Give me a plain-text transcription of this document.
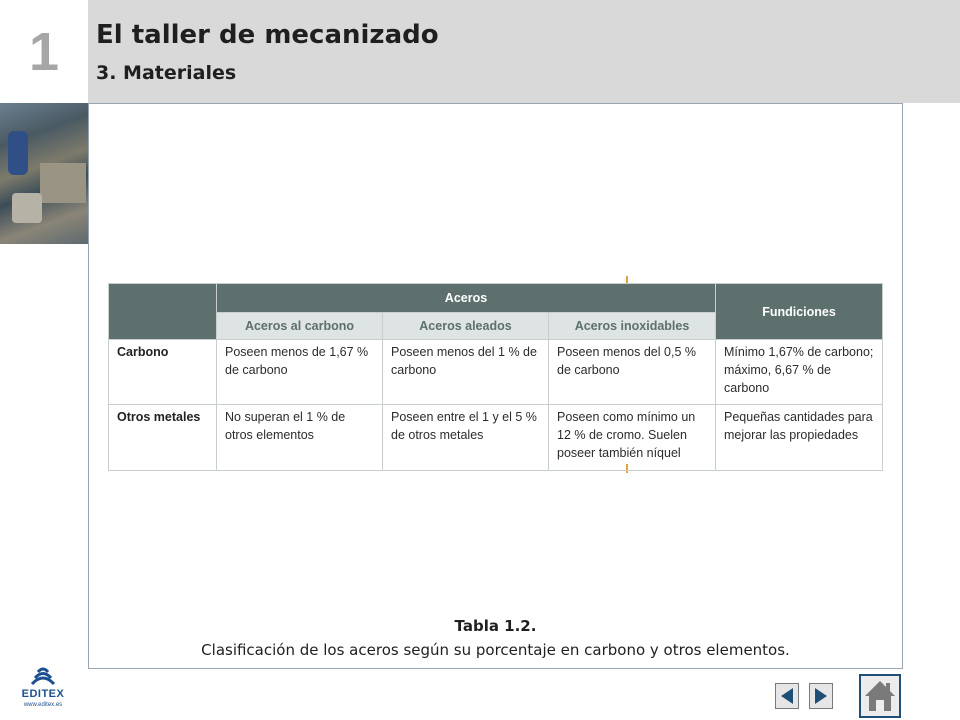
1	El taller de mecanizado
3. Materiales
	Aceros			Fundiciones
	Aceros al carbono	Aceros aleados	Aceros inoxidables	
Carbono	Poseen menos de 1,67 % de carbono	Poseen menos del 1 % de carbono	Poseen menos del 0,5 % de carbono	Mínimo 1,67% de carbono; máximo, 6,67 % de carbono
Otros metales	No superan el 1 % de otros elementos	Poseen entre el 1 y el 5 % de otros metales	Poseen como mínimo un 12 % de cromo. Suelen poseer también níquel	Pequeñas cantidades para mejorar las propiedades
Tabla 1.2.
Clasificación de los aceros según su porcentaje en carbono y otros elementos.
EDITEX
www.editex.es
